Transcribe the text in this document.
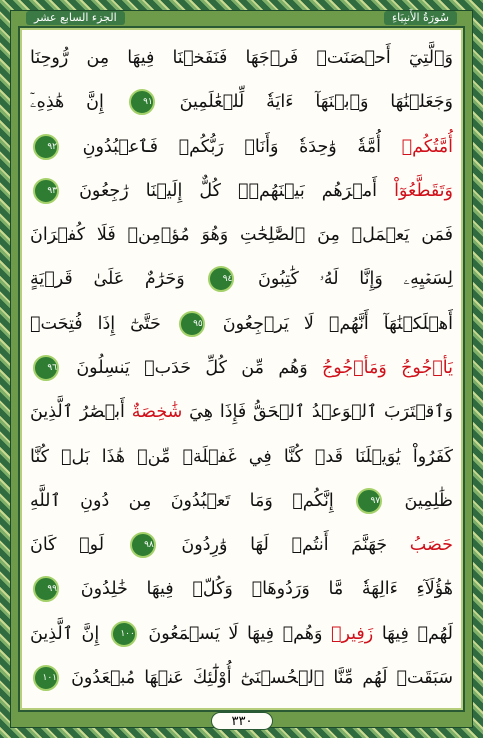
الجزء السابع عشر	سُورَةُ الأَنبِيَاءِ
وَٱلَّتِيٓ أَحۡصَنَتۡ فَرۡجَهَا فَنَفَخۡنَا فِيهَا مِن رُّوحِنَا
وَجَعَلۡنَٰهَا وَٱبۡنَهَآ ءَايَةٗ لِّلۡعَٰلَمِينَ ٩١ إِنَّ هَٰذِهِۦٓ
أُمَّتُكُمۡ أُمَّةٗ وَٰحِدَةٗ وَأَنَا۠ رَبُّكُمۡ فَٱعۡبُدُونِ ٩٢
وَتَقَطَّعُوٓاْ أَمۡرَهُم بَيۡنَهُمۡۖ كُلٌّ إِلَيۡنَا رَٰجِعُونَ ٩٣
فَمَن يَعۡمَلۡ مِنَ ٱلصَّٰلِحَٰتِ وَهُوَ مُؤۡمِنٞ فَلَا كُفۡرَانَ
لِسَعۡيِهِۦ وَإِنَّا لَهُۥ كَٰتِبُونَ ٩٤ وَحَرَٰمٌ عَلَىٰ قَرۡيَةٍ
أَهۡلَكۡنَٰهَآ أَنَّهُمۡ لَا يَرۡجِعُونَ ٩٥ حَتَّىٰٓ إِذَا فُتِحَتۡ
يَأۡجُوجُ وَمَأۡجُوجُ وَهُم مِّن كُلِّ حَدَبٖ يَنسِلُونَ ٩٦
وَٱقۡتَرَبَ ٱلۡوَعۡدُ ٱلۡحَقُّ فَإِذَا هِيَ شَٰخِصَةٌ أَبۡصَٰرُ ٱلَّذِينَ
كَفَرُواْ يَٰوَيۡلَنَا قَدۡ كُنَّا فِي غَفۡلَةٖ مِّنۡ هَٰذَا بَلۡ كُنَّا
ظَٰلِمِينَ ٩٧ إِنَّكُمۡ وَمَا تَعۡبُدُونَ مِن دُونِ ٱللَّهِ
حَصَبُ جَهَنَّمَ أَنتُمۡ لَهَا وَٰرِدُونَ ٩٨ لَوۡ كَانَ
هَٰٓؤُلَآءِ ءَالِهَةٗ مَّا وَرَدُوهَاۖ وَكُلّٞ فِيهَا خَٰلِدُونَ ٩٩
لَهُمۡ فِيهَا زَفِيرٞ وَهُمۡ فِيهَا لَا يَسۡمَعُونَ ١٠٠ إِنَّ ٱلَّذِينَ
سَبَقَتۡ لَهُم مِّنَّا ٱلۡحُسۡنَىٰٓ أُوْلَٰٓئِكَ عَنۡهَا مُبۡعَدُونَ ١٠١
٣٣٠
